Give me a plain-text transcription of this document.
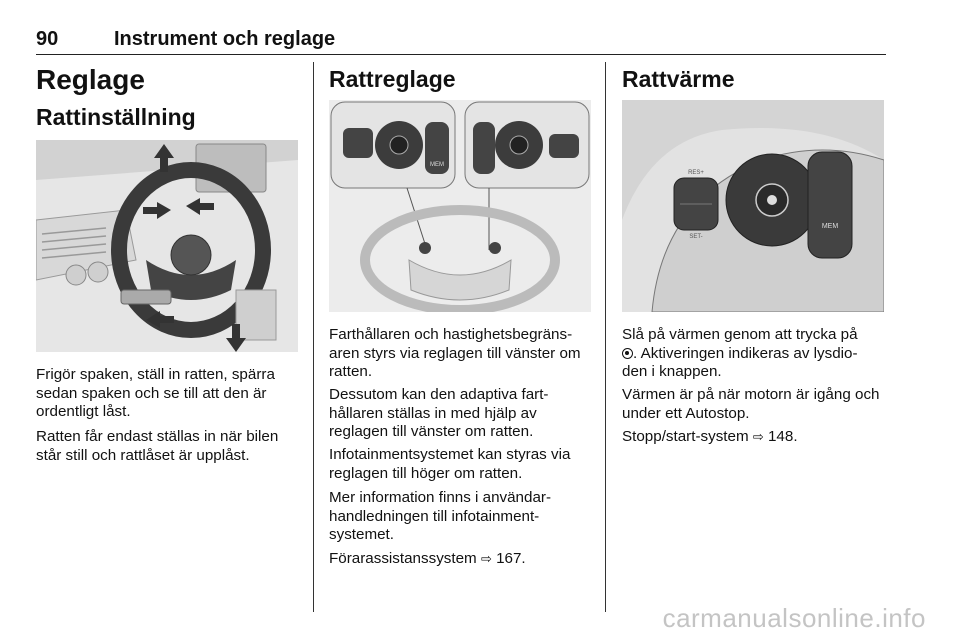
90	Instrument och reglage
Reglage
Rattinställning

Frigör spaken, ställ in ratten, spärra
sedan spaken och se till att den är
ordentligt låst.

Ratten får endast ställas in när bilen
står still och rattlåset är upplåst.

Rattreglage
MEM

Farthållaren och hastighetsbegräns-
aren styrs via reglagen till vänster om
ratten.

Dessutom kan den adaptiva fart-
hållaren ställas in med hjälp av
reglagen till vänster om ratten.

Infotainmentsystemet kan styras via
reglagen till höger om ratten.

Mer information finns i användar-
handledningen till infotainment-
systemet.

Förarassistanssystem ⇨ 167.

Rattvärme
RES+
SET-
MEM

Slå på värmen genom att trycka på
. Aktiveringen indikeras av lysdio-
den i knappen.

Värmen är på när motorn är igång och
under ett Autostop.

Stopp/start-system ⇨ 148.

carmanualsonline.info
